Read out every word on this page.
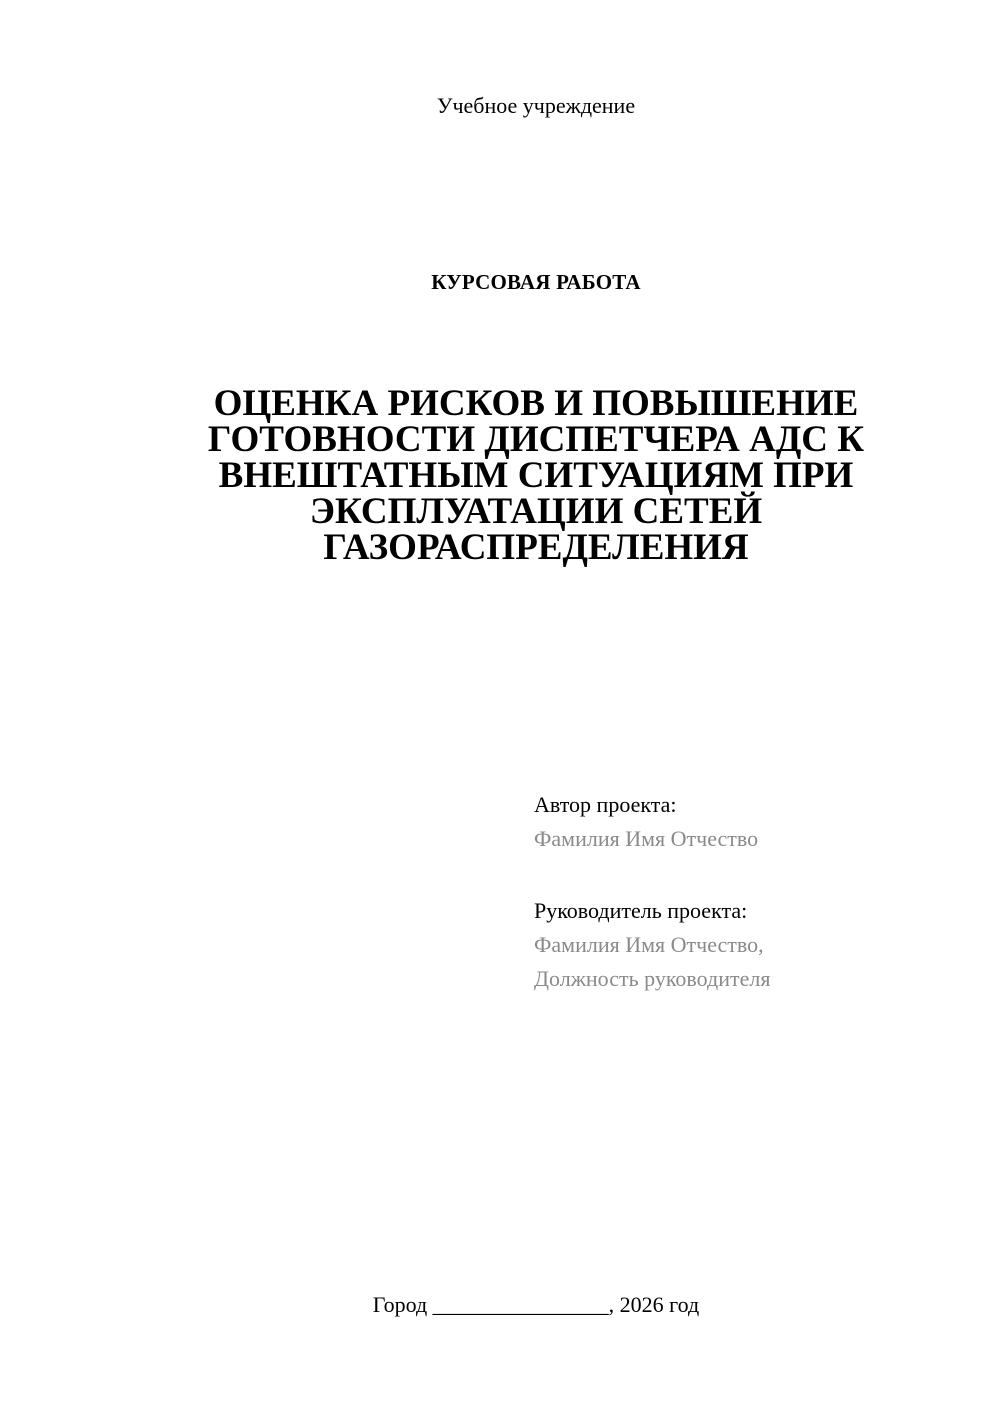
Учебное учреждение
КУРСОВАЯ РАБОТА
ОЦЕНКА РИСКОВ И ПОВЫШЕНИЕ
ГОТОВНОСТИ ДИСПЕТЧЕРА АДС К
ВНЕШТАТНЫМ СИТУАЦИЯМ ПРИ
ЭКСПЛУАТАЦИИ СЕТЕЙ
ГАЗОРАСПРЕДЕЛЕНИЯ
Автор проекта:
Фамилия Имя Отчество
Руководитель проекта:
Фамилия Имя Отчество,
Должность руководителя
Город ________________, 2026 год
